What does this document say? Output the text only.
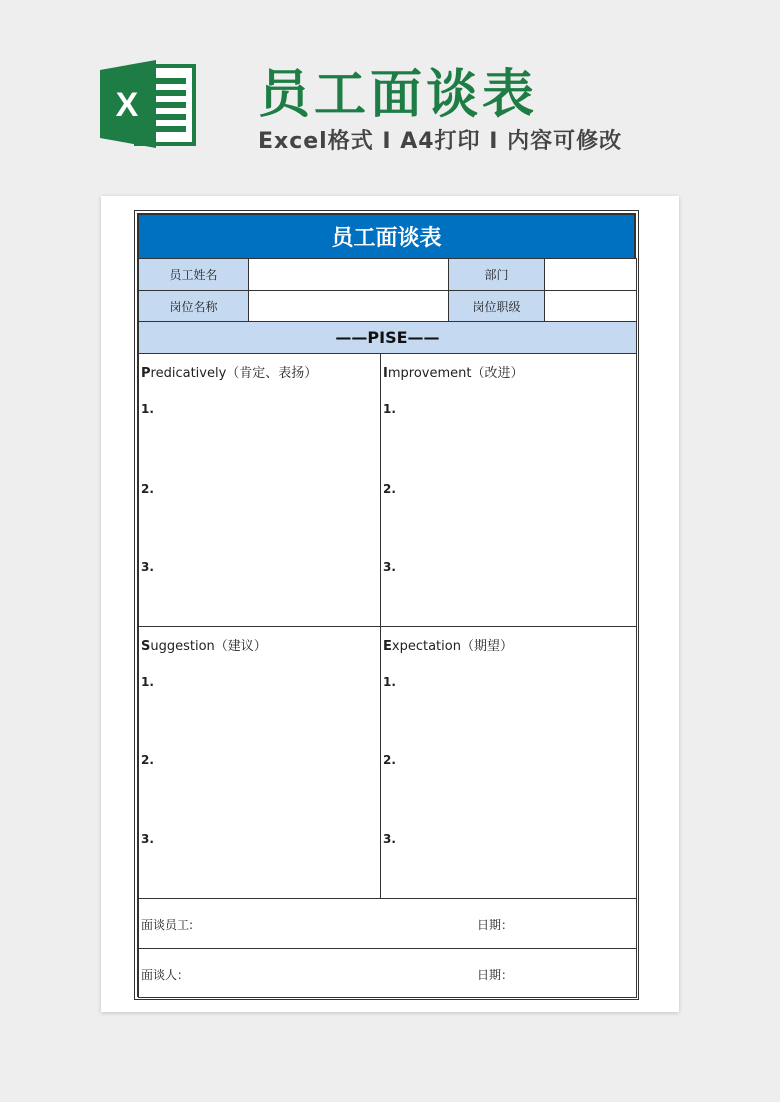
X 员工面谈表
Excel格式 I A4打印 I 内容可修改
员工面谈表
员工姓名	部门
岗位名称	岗位职级
——PISE——
Predicatively（肯定、表扬）
1.
2.
3.
Improvement（改进）
1.
2.
3.
Suggestion（建议）
1.
2.
3.
Expectation（期望）
1.
2.
3.
面谈员工:	日期：
面谈人：	日期：
